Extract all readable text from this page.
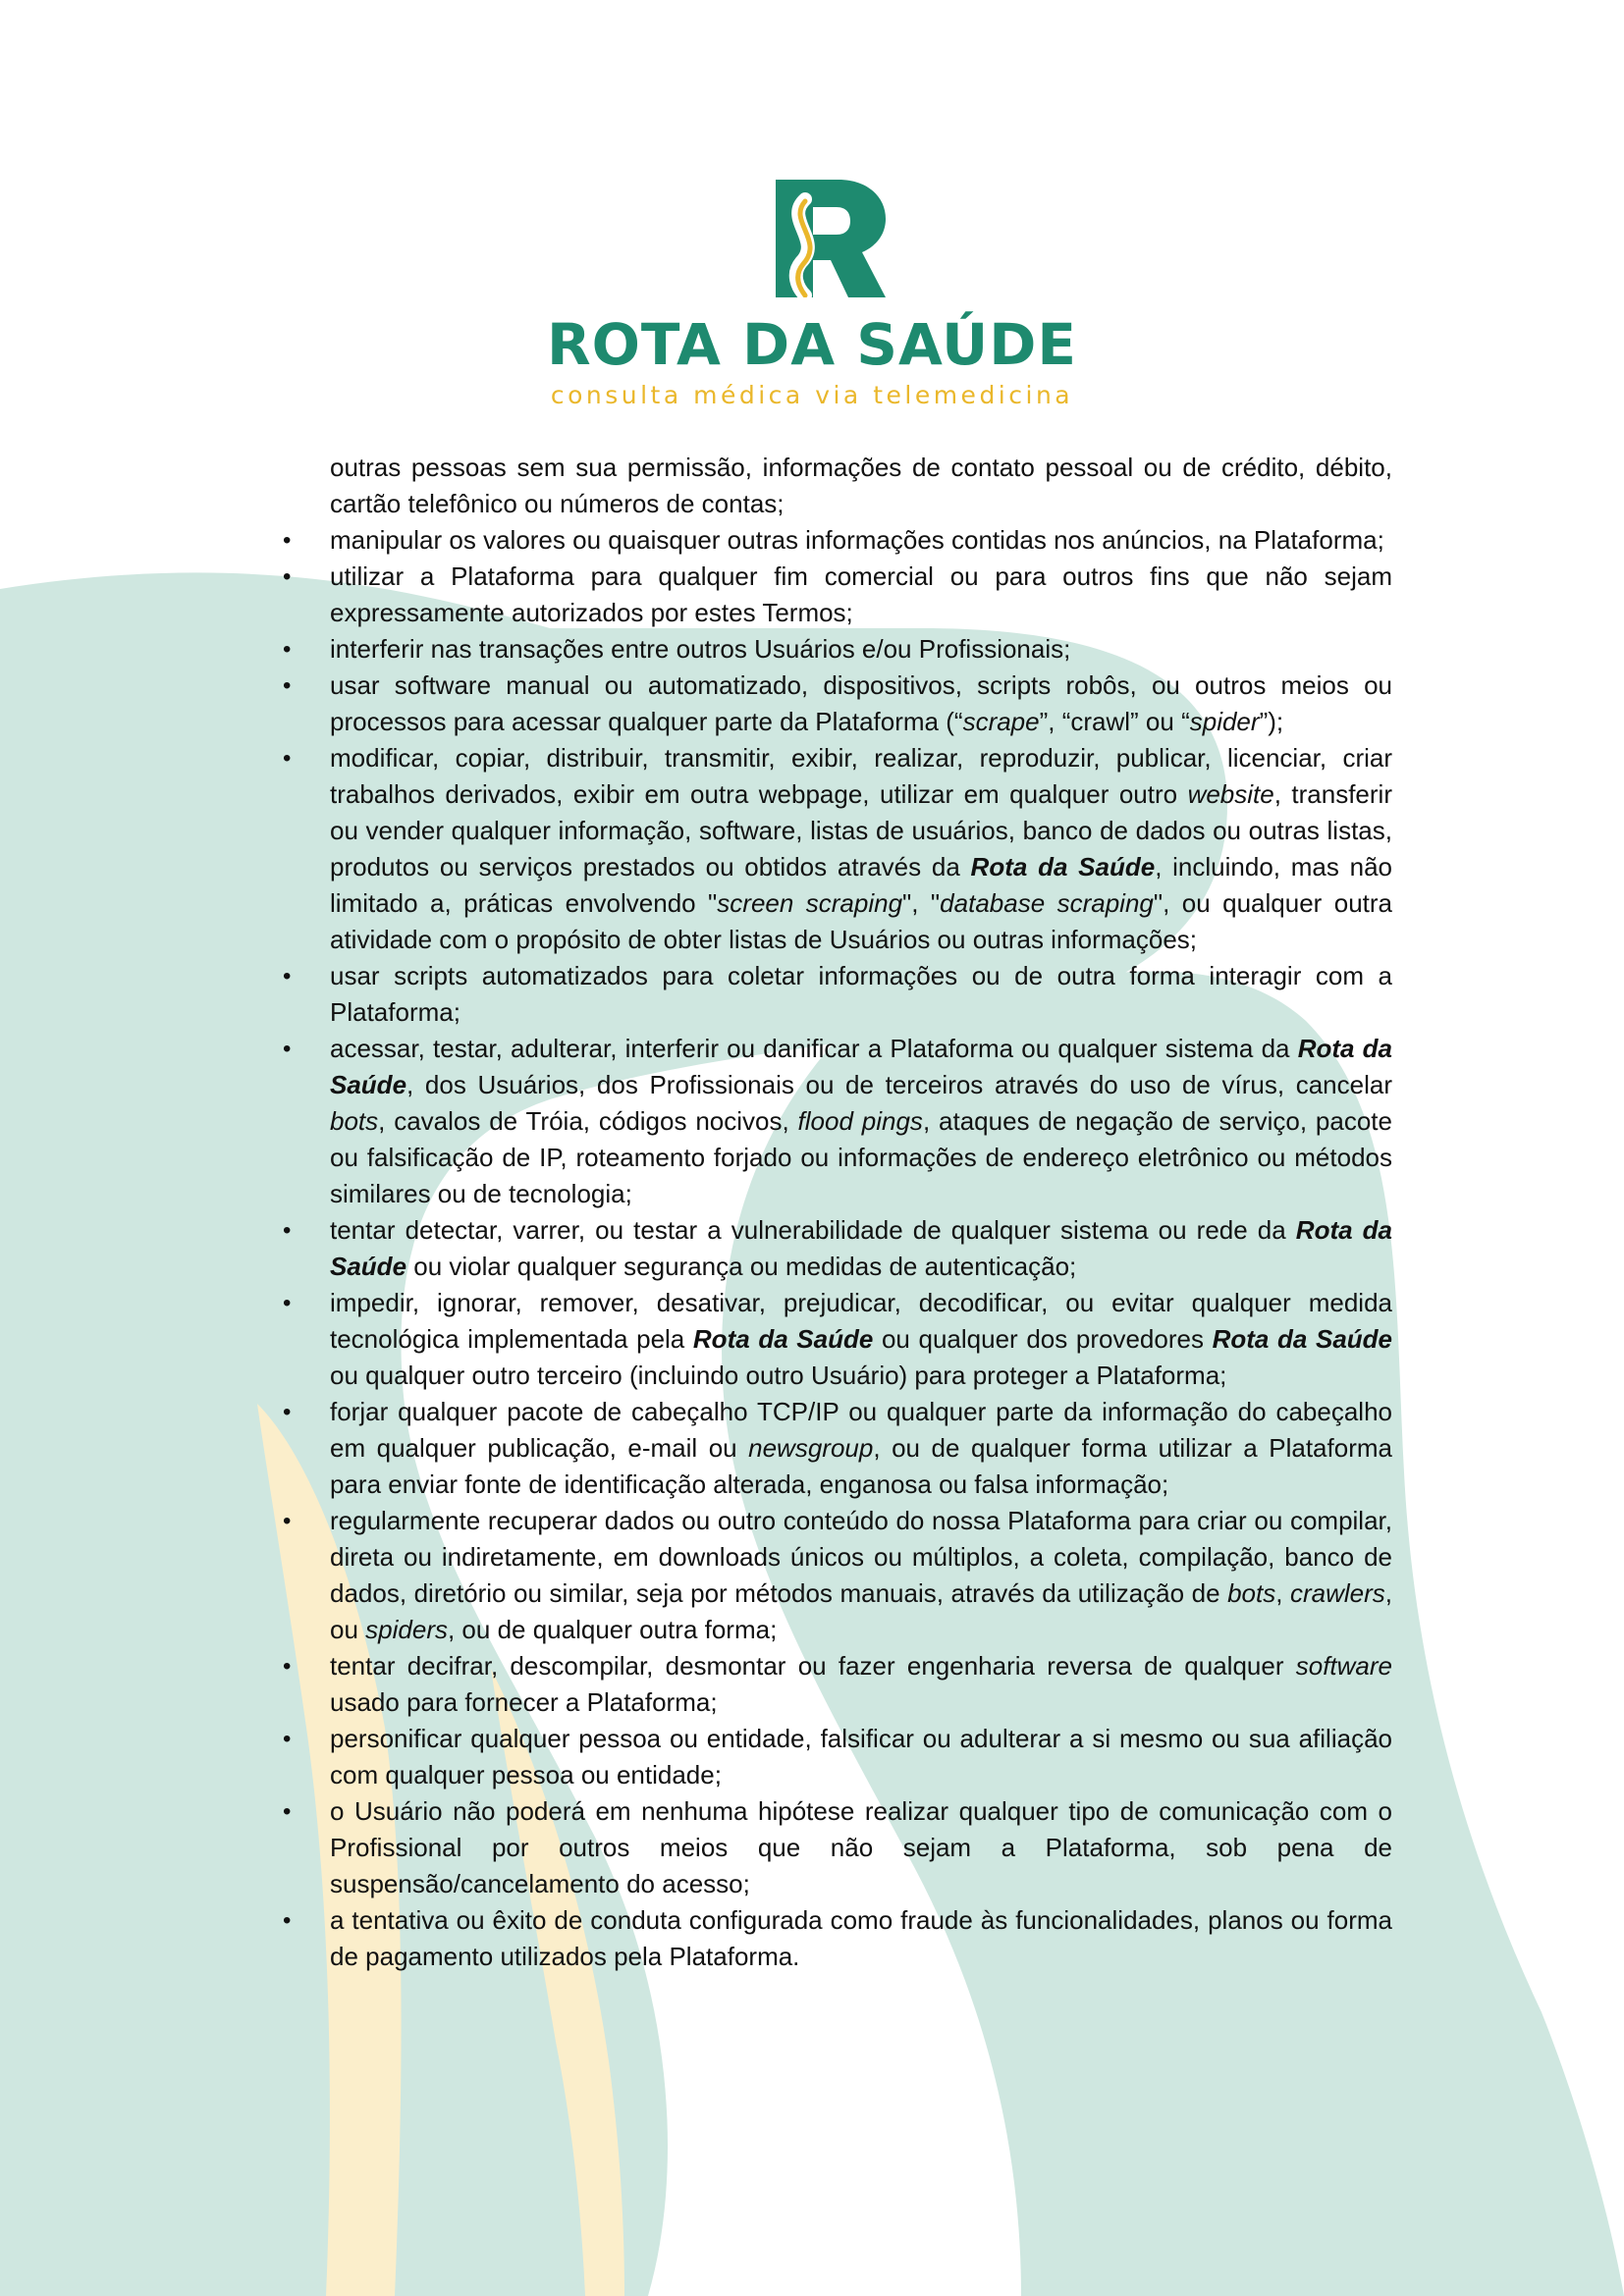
ROTA DA SAÚDE
consulta médica via telemedicina

outras pessoas sem sua permissão, informações de contato pessoal ou de crédito, débito, cartão telefônico ou números de contas;

• manipular os valores ou quaisquer outras informações contidas nos anúncios, na Plataforma;
• utilizar a Plataforma para qualquer fim comercial ou para outros fins que não sejam expressamente autorizados por estes Termos;
• interferir nas transações entre outros Usuários e/ou Profissionais;
• usar software manual ou automatizado, dispositivos, scripts robôs, ou outros meios ou processos para acessar qualquer parte da Plataforma (“scrape”, “crawl” ou “spider”);
• modificar, copiar, distribuir, transmitir, exibir, realizar, reproduzir, publicar, licenciar, criar trabalhos derivados, exibir em outra webpage, utilizar em qualquer outro website, transferir ou vender qualquer informação, software, listas de usuários, banco de dados ou outras listas, produtos ou serviços prestados ou obtidos através da Rota da Saúde, incluindo, mas não limitado a, práticas envolvendo "screen scraping", "database scraping", ou qualquer outra atividade com o propósito de obter listas de Usuários ou outras informações;
• usar scripts automatizados para coletar informações ou de outra forma interagir com a Plataforma;
• acessar, testar, adulterar, interferir ou danificar a Plataforma ou qualquer sistema da Rota da Saúde, dos Usuários, dos Profissionais ou de terceiros através do uso de vírus, cancelar bots, cavalos de Tróia, códigos nocivos, flood pings, ataques de negação de serviço, pacote ou falsificação de IP, roteamento forjado ou informações de endereço eletrônico ou métodos similares ou de tecnologia;
• tentar detectar, varrer, ou testar a vulnerabilidade de qualquer sistema ou rede da Rota da Saúde ou violar qualquer segurança ou medidas de autenticação;
• impedir, ignorar, remover, desativar, prejudicar, decodificar, ou evitar qualquer medida tecnológica implementada pela Rota da Saúde ou qualquer dos provedores Rota da Saúde ou qualquer outro terceiro (incluindo outro Usuário) para proteger a Plataforma;
• forjar qualquer pacote de cabeçalho TCP/IP ou qualquer parte da informação do cabeçalho em qualquer publicação, e-mail ou newsgroup, ou de qualquer forma utilizar a Plataforma para enviar fonte de identificação alterada, enganosa ou falsa informação;
• regularmente recuperar dados ou outro conteúdo do nossa Plataforma para criar ou compilar, direta ou indiretamente, em downloads únicos ou múltiplos, a coleta, compilação, banco de dados, diretório ou similar, seja por métodos manuais, através da utilização de bots, crawlers, ou spiders, ou de qualquer outra forma;
• tentar decifrar, descompilar, desmontar ou fazer engenharia reversa de qualquer software usado para fornecer a Plataforma;
• personificar qualquer pessoa ou entidade, falsificar ou adulterar a si mesmo ou sua afiliação com qualquer pessoa ou entidade;
• o Usuário não poderá em nenhuma hipótese realizar qualquer tipo de comunicação com o Profissional por outros meios que não sejam a Plataforma, sob pena de suspensão/cancelamento do acesso;
• a tentativa ou êxito de conduta configurada como fraude às funcionalidades, planos ou forma de pagamento utilizados pela Plataforma.
